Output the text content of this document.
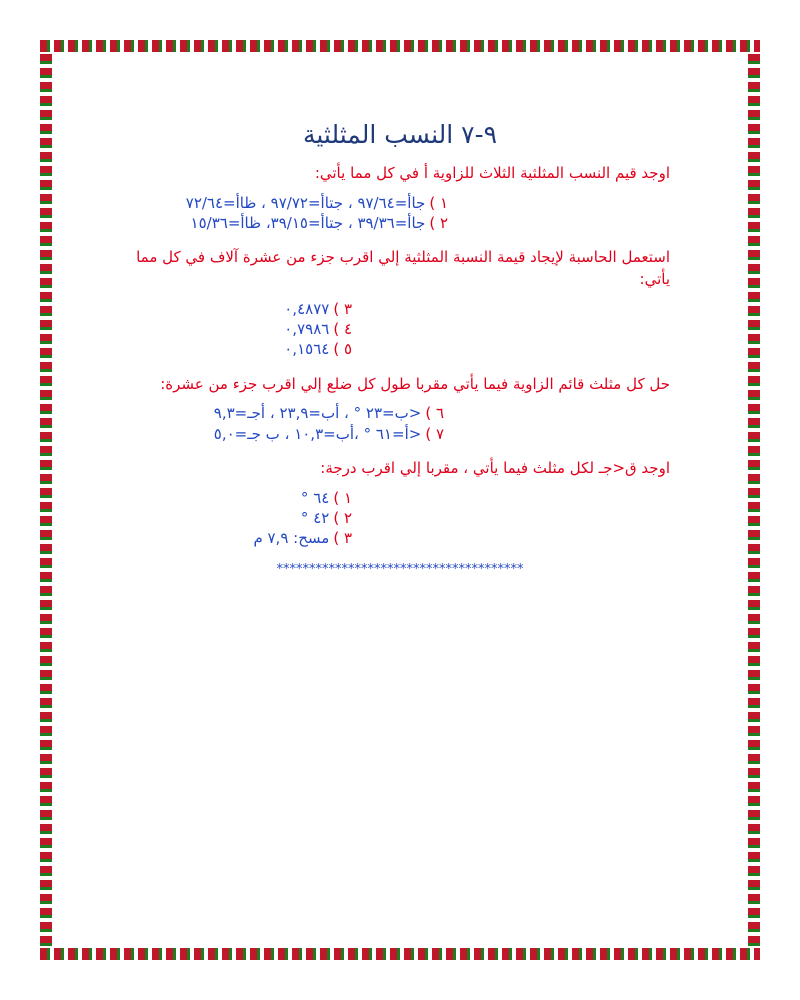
٩-٧ النسب المثلثية
اوجد قيم النسب المثلثية الثلاث للزاوية أ في كل مما يأتي:
١ )
جاأ=٩٧/٦٤ ، جتاأ=٩٧/٧٢ ، ظاأ=٧٢/٦٤
٢ )
جاأ=٣٩/٣٦ ، جتاأ=٣٩/١٥، ظاأ=١٥/٣٦
استعمل الحاسبة لإيجاد قيمة النسبة المثلثية إلي اقرب جزء من عشرة آلاف في كل مما يأتي:
٣ )
٠,٤٨٧٧
٤ )
٠,٧٩٨٦
٥ )
٠,١٥٦٤
حل كل مثلث قائم الزاوية فيما يأتي مقربا طول كل ضلع إلي اقرب جزء من عشرة:
٦ )
<ب=٢٣ ° ، أب=٢٣,٩ ، أجـ=٩,٣
٧ )
<أ=٦١ ° ،أب=١٠,٣ ، ب جـ=٥,٠
اوجد ق<جـ لكل مثلث فيما يأتي ، مقربا إلي اقرب درجة:
١ )
٦٤ °
٢ )
٤٢ °
٣ )
مسح: ٧,٩ م
**************************************
